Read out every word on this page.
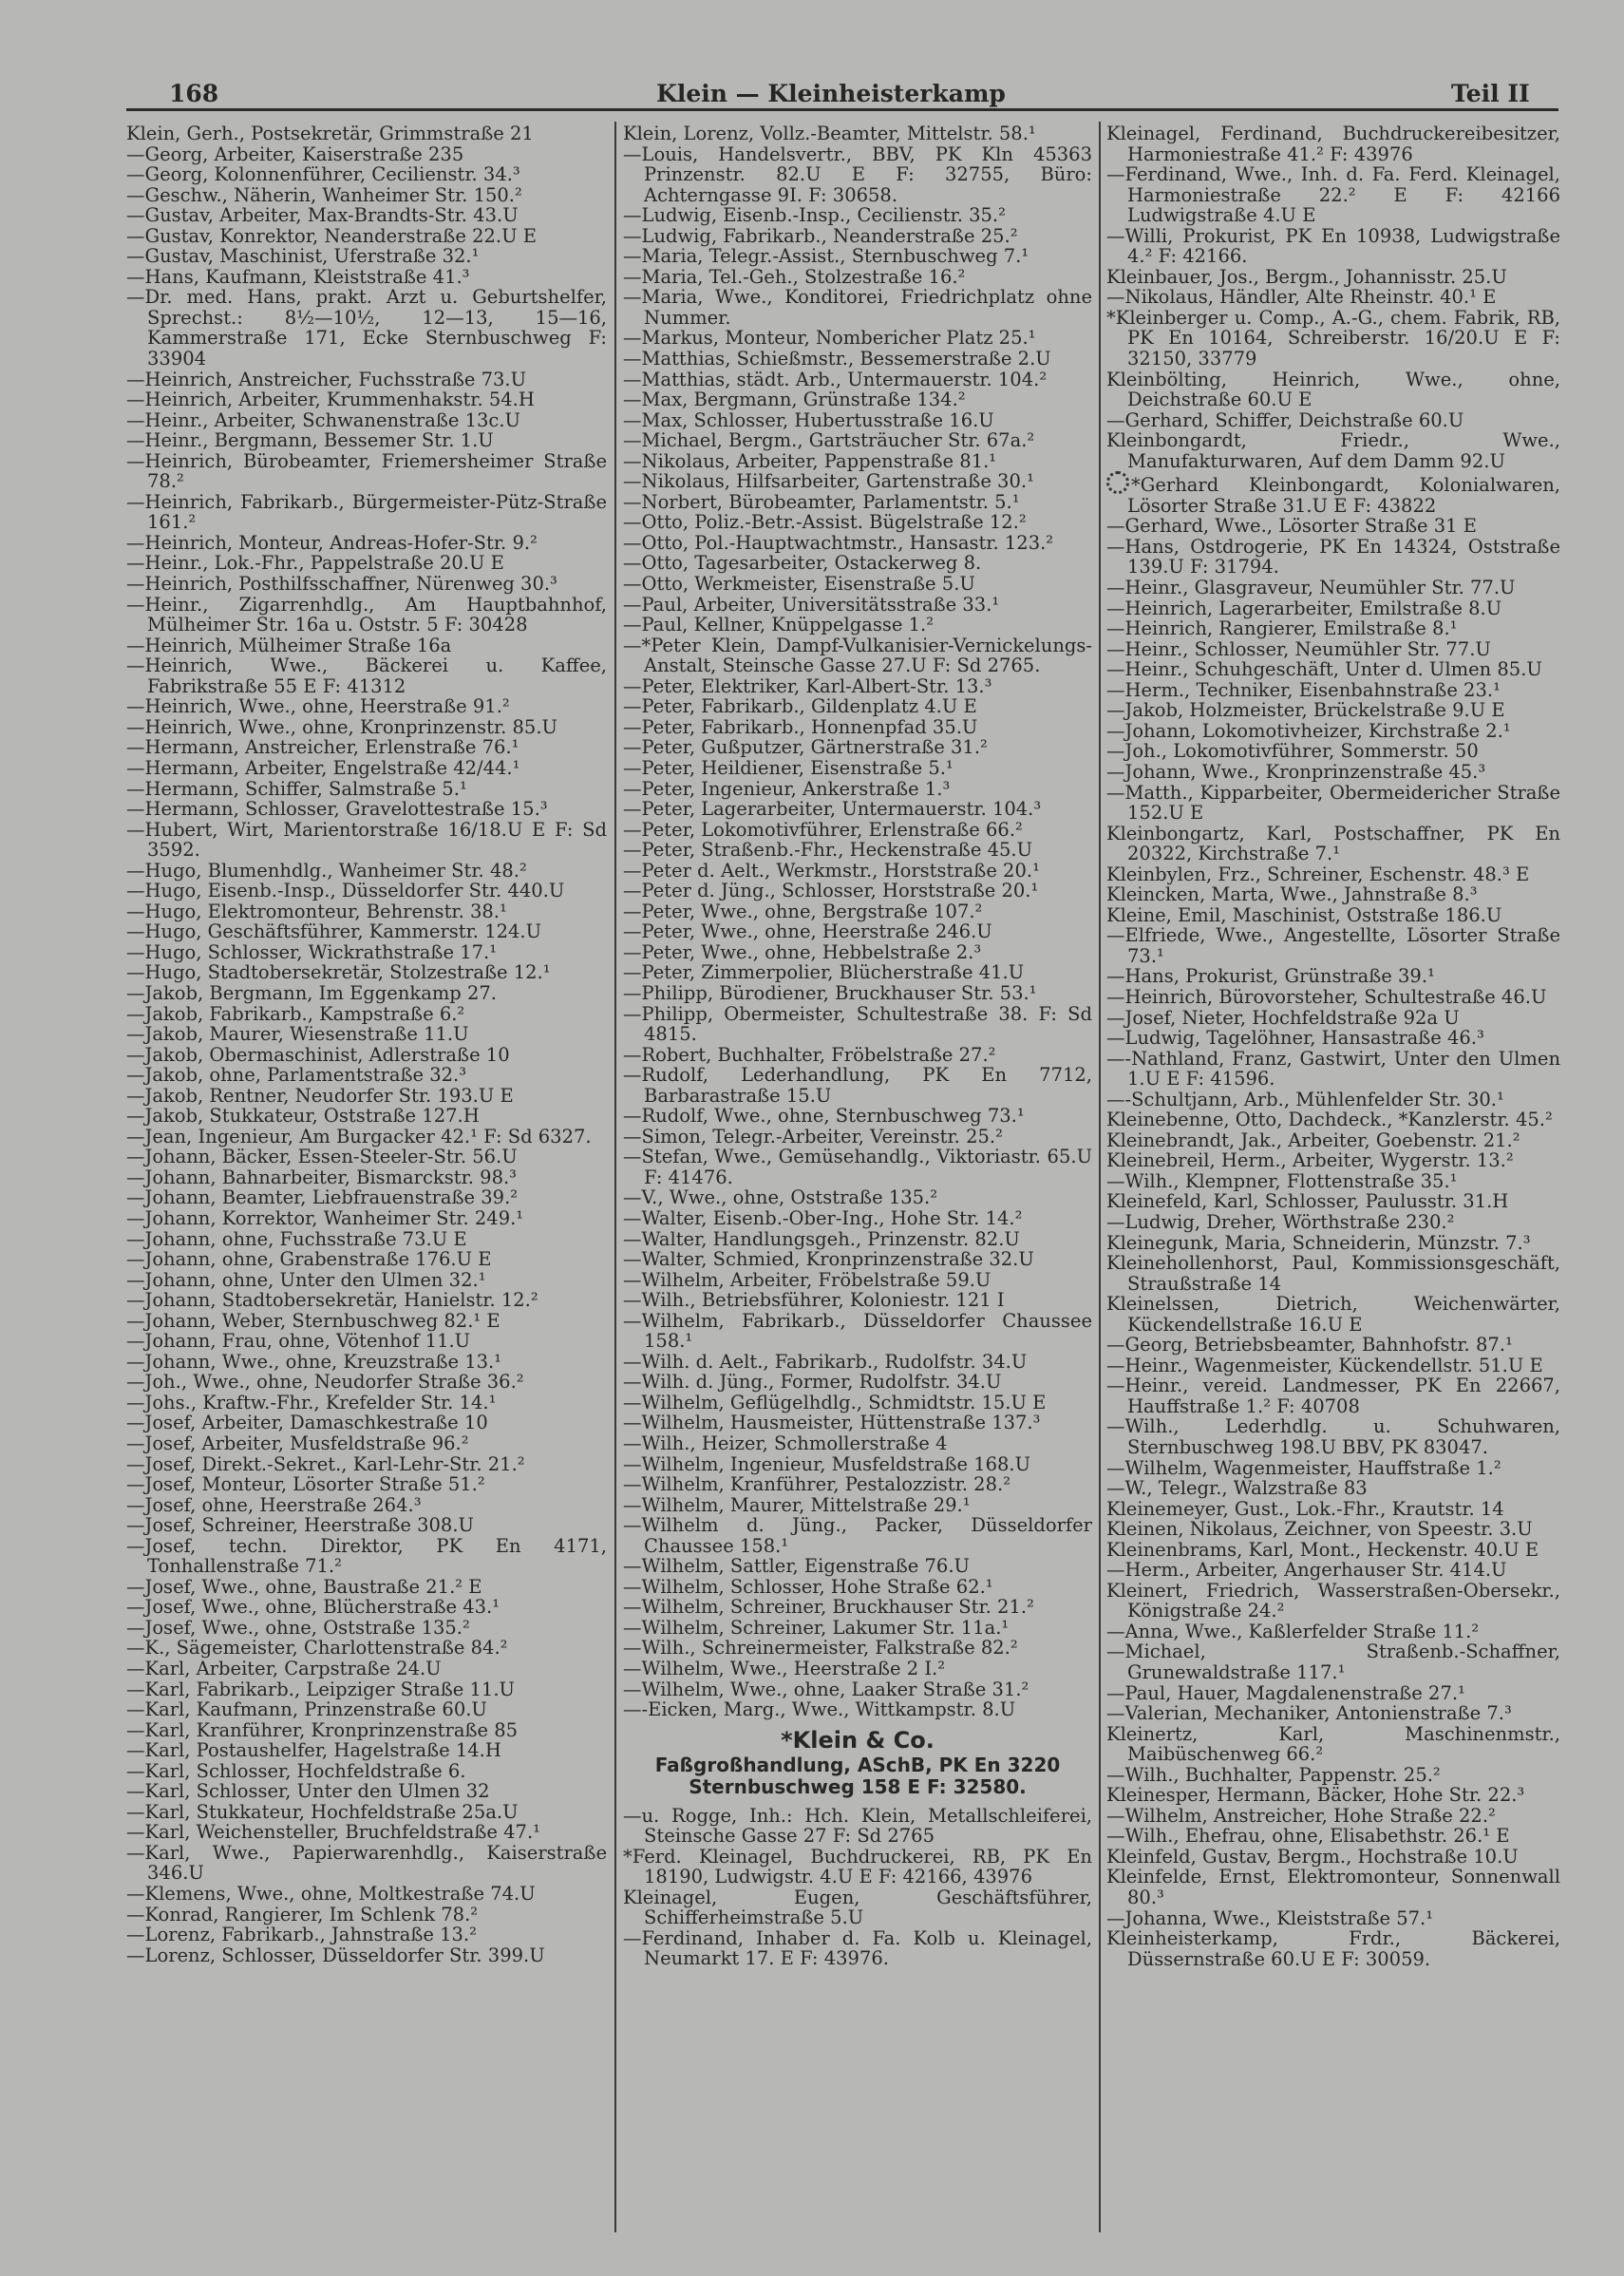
168	Klein — Kleinheisterkamp	Teil II
Klein, Gerh., Postsekretär, Grimmstraße 21
—Georg, Arbeiter, Kaiserstraße 235
—Georg, Kolonnenführer, Cecilienstr. 34.³
—Geschw., Näherin, Wanheimer Str. 150.²
—Gustav, Arbeiter, Max-Brandts-Str. 43.U
—Gustav, Konrektor, Neanderstraße 22.U E
—Gustav, Maschinist, Uferstraße 32.¹
—Hans, Kaufmann, Kleiststraße 41.³
—Dr. med. Hans, prakt. Arzt u. Geburtshelfer, Sprechst.: 8½—10½, 12—13, 15—16, Kammerstraße 171, Ecke Sternbuschweg F: 33904
—Heinrich, Anstreicher, Fuchsstraße 73.U
—Heinrich, Arbeiter, Krummenhakstr. 54.H
—Heinr., Arbeiter, Schwanenstraße 13c.U
—Heinr., Bergmann, Bessemer Str. 1.U
—Heinrich, Bürobeamter, Friemersheimer Straße 78.²
—Heinrich, Fabrikarb., Bürgermeister-Pütz-Straße 161.²
—Heinrich, Monteur, Andreas-Hofer-Str. 9.²
—Heinr., Lok.-Fhr., Pappelstraße 20.U E
—Heinrich, Posthilfsschaffner, Nürenweg 30.³
—Heinr., Zigarrenhdlg., Am Hauptbahnhof, Mülheimer Str. 16a u. Oststr. 5 F: 30428
—Heinrich, Mülheimer Straße 16a
—Heinrich, Wwe., Bäckerei u. Kaffee, Fabrikstraße 55 E F: 41312
—Heinrich, Wwe., ohne, Heerstraße 91.²
—Heinrich, Wwe., ohne, Kronprinzenstr. 85.U
—Hermann, Anstreicher, Erlenstraße 76.¹
—Hermann, Arbeiter, Engelstraße 42/44.¹
—Hermann, Schiffer, Salmstraße 5.¹
—Hermann, Schlosser, Gravelottestraße 15.³
—Hubert, Wirt, Marientorstraße 16/18.U E F: Sd 3592.
—Hugo, Blumenhdlg., Wanheimer Str. 48.²
—Hugo, Eisenb.-Insp., Düsseldorfer Str. 440.U
—Hugo, Elektromonteur, Behrenstr. 38.¹
—Hugo, Geschäftsführer, Kammerstr. 124.U
—Hugo, Schlosser, Wickrathstraße 17.¹
—Hugo, Stadtobersekretär, Stolzestraße 12.¹
—Jakob, Bergmann, Im Eggenkamp 27.
—Jakob, Fabrikarb., Kampstraße 6.²
—Jakob, Maurer, Wiesenstraße 11.U
—Jakob, Obermaschinist, Adlerstraße 10
—Jakob, ohne, Parlamentstraße 32.³
—Jakob, Rentner, Neudorfer Str. 193.U E
—Jakob, Stukkateur, Oststraße 127.H
—Jean, Ingenieur, Am Burgacker 42.¹ F: Sd 6327.
—Johann, Bäcker, Essen-Steeler-Str. 56.U
—Johann, Bahnarbeiter, Bismarckstr. 98.³
—Johann, Beamter, Liebfrauenstraße 39.²
—Johann, Korrektor, Wanheimer Str. 249.¹
—Johann, ohne, Fuchsstraße 73.U E
—Johann, ohne, Grabenstraße 176.U E
—Johann, ohne, Unter den Ulmen 32.¹
—Johann, Stadtobersekretär, Hanielstr. 12.²
—Johann, Weber, Sternbuschweg 82.¹ E
—Johann, Frau, ohne, Vötenhof 11.U
—Johann, Wwe., ohne, Kreuzstraße 13.¹
—Joh., Wwe., ohne, Neudorfer Straße 36.²
—Johs., Kraftw.-Fhr., Krefelder Str. 14.¹
—Josef, Arbeiter, Damaschkestraße 10
—Josef, Arbeiter, Musfeldstraße 96.²
—Josef, Direkt.-Sekret., Karl-Lehr-Str. 21.²
—Josef, Monteur, Lösorter Straße 51.²
—Josef, ohne, Heerstraße 264.³
—Josef, Schreiner, Heerstraße 308.U
—Josef, techn. Direktor, PK En 4171, Tonhallenstraße 71.²
—Josef, Wwe., ohne, Baustraße 21.² E
—Josef, Wwe., ohne, Blücherstraße 43.¹
—Josef, Wwe., ohne, Oststraße 135.²
—K., Sägemeister, Charlottenstraße 84.²
—Karl, Arbeiter, Carpstraße 24.U
—Karl, Fabrikarb., Leipziger Straße 11.U
—Karl, Kaufmann, Prinzenstraße 60.U
—Karl, Kranführer, Kronprinzenstraße 85
—Karl, Postaushelfer, Hagelstraße 14.H
—Karl, Schlosser, Hochfeldstraße 6.
—Karl, Schlosser, Unter den Ulmen 32
—Karl, Stukkateur, Hochfeldstraße 25a.U
—Karl, Weichensteller, Bruchfeldstraße 47.¹
—Karl, Wwe., Papierwarenhdlg., Kaiserstraße 346.U
—Klemens, Wwe., ohne, Moltkestraße 74.U
—Konrad, Rangierer, Im Schlenk 78.²
—Lorenz, Fabrikarb., Jahnstraße 13.²
—Lorenz, Schlosser, Düsseldorfer Str. 399.U
Klein, Lorenz, Vollz.-Beamter, Mittelstr. 58.¹
—Louis, Handelsvertr., BBV, PK Kln 45363 Prinzenstr. 82.U E F: 32755, Büro: Achterngasse 9I. F: 30658.
—Ludwig, Eisenb.-Insp., Cecilienstr. 35.²
—Ludwig, Fabrikarb., Neanderstraße 25.²
—Maria, Telegr.-Assist., Sternbuschweg 7.¹
—Maria, Tel.-Geh., Stolzestraße 16.²
—Maria, Wwe., Konditorei, Friedrichplatz ohne Nummer.
—Markus, Monteur, Nombericher Platz 25.¹
—Matthias, Schießmstr., Bessemerstraße 2.U
—Matthias, städt. Arb., Untermauerstr. 104.²
—Max, Bergmann, Grünstraße 134.²
—Max, Schlosser, Hubertusstraße 16.U
—Michael, Bergm., Gartsträucher Str. 67a.²
—Nikolaus, Arbeiter, Pappenstraße 81.¹
—Nikolaus, Hilfsarbeiter, Gartenstraße 30.¹
—Norbert, Bürobeamter, Parlamentstr. 5.¹
—Otto, Poliz.-Betr.-Assist. Bügelstraße 12.²
—Otto, Pol.-Hauptwachtmstr., Hansastr. 123.²
—Otto, Tagesarbeiter, Ostackerweg 8.
—Otto, Werkmeister, Eisenstraße 5.U
—Paul, Arbeiter, Universitätsstraße 33.¹
—Paul, Kellner, Knüppelgasse 1.²
—*Peter Klein, Dampf-Vulkanisier-Vernickelungs-Anstalt, Steinsche Gasse 27.U F: Sd 2765.
—Peter, Elektriker, Karl-Albert-Str. 13.³
—Peter, Fabrikarb., Gildenplatz 4.U E
—Peter, Fabrikarb., Honnenpfad 35.U
—Peter, Gußputzer, Gärtnerstraße 31.²
—Peter, Heildiener, Eisenstraße 5.¹
—Peter, Ingenieur, Ankerstraße 1.³
—Peter, Lagerarbeiter, Untermauerstr. 104.³
—Peter, Lokomotivführer, Erlenstraße 66.²
—Peter, Straßenb.-Fhr., Heckenstraße 45.U
—Peter d. Aelt., Werkmstr., Horststraße 20.¹
—Peter d. Jüng., Schlosser, Horststraße 20.¹
—Peter, Wwe., ohne, Bergstraße 107.²
—Peter, Wwe., ohne, Heerstraße 246.U
—Peter, Wwe., ohne, Hebbelstraße 2.³
—Peter, Zimmerpolier, Blücherstraße 41.U
—Philipp, Bürodiener, Bruckhauser Str. 53.¹
—Philipp, Obermeister, Schultestraße 38. F: Sd 4815.
—Robert, Buchhalter, Fröbelstraße 27.²
—Rudolf, Lederhandlung, PK En 7712, Barbarastraße 15.U
—Rudolf, Wwe., ohne, Sternbuschweg 73.¹
—Simon, Telegr.-Arbeiter, Vereinstr. 25.²
—Stefan, Wwe., Gemüsehandlg., Viktoriastr. 65.U F: 41476.
—V., Wwe., ohne, Oststraße 135.²
—Walter, Eisenb.-Ober-Ing., Hohe Str. 14.²
—Walter, Handlungsgeh., Prinzenstr. 82.U
—Walter, Schmied, Kronprinzenstraße 32.U
—Wilhelm, Arbeiter, Fröbelstraße 59.U
—Wilh., Betriebsführer, Koloniestr. 121 I
—Wilhelm, Fabrikarb., Düsseldorfer Chaussee 158.¹
—Wilh. d. Aelt., Fabrikarb., Rudolfstr. 34.U
—Wilh. d. Jüng., Former, Rudolfstr. 34.U
—Wilhelm, Geflügelhdlg., Schmidtstr. 15.U E
—Wilhelm, Hausmeister, Hüttenstraße 137.³
—Wilh., Heizer, Schmollerstraße 4
—Wilhelm, Ingenieur, Musfeldstraße 168.U
—Wilhelm, Kranführer, Pestalozzistr. 28.²
—Wilhelm, Maurer, Mittelstraße 29.¹
—Wilhelm d. Jüng., Packer, Düsseldorfer Chaussee 158.¹
—Wilhelm, Sattler, Eigenstraße 76.U
—Wilhelm, Schlosser, Hohe Straße 62.¹
—Wilhelm, Schreiner, Bruckhauser Str. 21.²
—Wilhelm, Schreiner, Lakumer Str. 11a.¹
—Wilh., Schreinermeister, Falkstraße 82.²
—Wilhelm, Wwe., Heerstraße 2 I.²
—Wilhelm, Wwe., ohne, Laaker Straße 31.²
—-Eicken, Marg., Wwe., Wittkampstr. 8.U
*Klein & Co.
Faßgroßhandlung, ASchB, PK En 3220
Sternbuschweg 158 E F: 32580.
—u. Rogge, Inh.: Hch. Klein, Metallschleiferei, Steinsche Gasse 27 F: Sd 2765
*Ferd. Kleinagel, Buchdruckerei, RB, PK En 18190, Ludwigstr. 4.U E F: 42166, 43976
Kleinagel, Eugen, Geschäftsführer, Schifferheimstraße 5.U
—Ferdinand, Inhaber d. Fa. Kolb u. Kleinagel, Neumarkt 17. E F: 43976.
Kleinagel, Ferdinand, Buchdruckereibesitzer, Harmoniestraße 41.² F: 43976
—Ferdinand, Wwe., Inh. d. Fa. Ferd. Kleinagel, Harmoniestraße 22.² E F: 42166 Ludwigstraße 4.U E
—Willi, Prokurist, PK En 10938, Ludwigstraße 4.² F: 42166.
Kleinbauer, Jos., Bergm., Johannisstr. 25.U
—Nikolaus, Händler, Alte Rheinstr. 40.¹ E
*Kleinberger u. Comp., A.-G., chem. Fabrik, RB, PK En 10164, Schreiberstr. 16/20.U E F: 32150, 33779
Kleinbölting, Heinrich, Wwe., ohne, Deichstraße 60.U E
—Gerhard, Schiffer, Deichstraße 60.U
Kleinbongardt, Friedr., Wwe., Manufakturwaren, Auf dem Damm 92.U
*Gerhard Kleinbongardt, Kolonialwaren, Lösorter Straße 31.U E F: 43822
—Gerhard, Wwe., Lösorter Straße 31 E
—Hans, Ostdrogerie, PK En 14324, Oststraße 139.U F: 31794.
—Heinr., Glasgraveur, Neumühler Str. 77.U
—Heinrich, Lagerarbeiter, Emilstraße 8.U
—Heinrich, Rangierer, Emilstraße 8.¹
—Heinr., Schlosser, Neumühler Str. 77.U
—Heinr., Schuhgeschäft, Unter d. Ulmen 85.U
—Herm., Techniker, Eisenbahnstraße 23.¹
—Jakob, Holzmeister, Brückelstraße 9.U E
—Johann, Lokomotivheizer, Kirchstraße 2.¹
—Joh., Lokomotivführer, Sommerstr. 50
—Johann, Wwe., Kronprinzenstraße 45.³
—Matth., Kipparbeiter, Obermeidericher Straße 152.U E
Kleinbongartz, Karl, Postschaffner, PK En 20322, Kirchstraße 7.¹
Kleinbylen, Frz., Schreiner, Eschenstr. 48.³ E
Kleincken, Marta, Wwe., Jahnstraße 8.³
Kleine, Emil, Maschinist, Oststraße 186.U
—Elfriede, Wwe., Angestellte, Lösorter Straße 73.¹
—Hans, Prokurist, Grünstraße 39.¹
—Heinrich, Bürovorsteher, Schultestraße 46.U
—Josef, Nieter, Hochfeldstraße 92a U
—Ludwig, Tagelöhner, Hansastraße 46.³
—-Nathland, Franz, Gastwirt, Unter den Ulmen 1.U E F: 41596.
—-Schultjann, Arb., Mühlenfelder Str. 30.¹
Kleinebenne, Otto, Dachdeck., *Kanzlerstr. 45.²
Kleinebrandt, Jak., Arbeiter, Goebenstr. 21.²
Kleinebreil, Herm., Arbeiter, Wygerstr. 13.²
—Wilh., Klempner, Flottenstraße 35.¹
Kleinefeld, Karl, Schlosser, Paulusstr. 31.H
—Ludwig, Dreher, Wörthstraße 230.²
Kleinegunk, Maria, Schneiderin, Münzstr. 7.³
Kleinehollenhorst, Paul, Kommissionsgeschäft, Straußstraße 14
Kleinelssen, Dietrich, Weichenwärter, Kückendellstraße 16.U E
—Georg, Betriebsbeamter, Bahnhofstr. 87.¹
—Heinr., Wagenmeister, Kückendellstr. 51.U E
—Heinr., vereid. Landmesser, PK En 22667, Hauffstraße 1.² F: 40708
—Wilh., Lederhdlg. u. Schuhwaren, Sternbuschweg 198.U BBV, PK 83047.
—Wilhelm, Wagenmeister, Hauffstraße 1.²
—W., Telegr., Walzstraße 83
Kleinemeyer, Gust., Lok.-Fhr., Krautstr. 14
Kleinen, Nikolaus, Zeichner, von Speestr. 3.U
Kleinenbrams, Karl, Mont., Heckenstr. 40.U E
—Herm., Arbeiter, Angerhauser Str. 414.U
Kleinert, Friedrich, Wasserstraßen-Obersekr., Königstraße 24.²
—Anna, Wwe., Kaßlerfelder Straße 11.²
—Michael, Straßenb.-Schaffner, Grunewaldstraße 117.¹
—Paul, Hauer, Magdalenenstraße 27.¹
—Valerian, Mechaniker, Antonienstraße 7.³
Kleinertz, Karl, Maschinenmstr., Maibüschenweg 66.²
—Wilh., Buchhalter, Pappenstr. 25.²
Kleinesper, Hermann, Bäcker, Hohe Str. 22.³
—Wilhelm, Anstreicher, Hohe Straße 22.²
—Wilh., Ehefrau, ohne, Elisabethstr. 26.¹ E
Kleinfeld, Gustav, Bergm., Hochstraße 10.U
Kleinfelde, Ernst, Elektromonteur, Sonnenwall 80.³
—Johanna, Wwe., Kleiststraße 57.¹
Kleinheisterkamp, Frdr., Bäckerei, Düssernstraße 60.U E F: 30059.
